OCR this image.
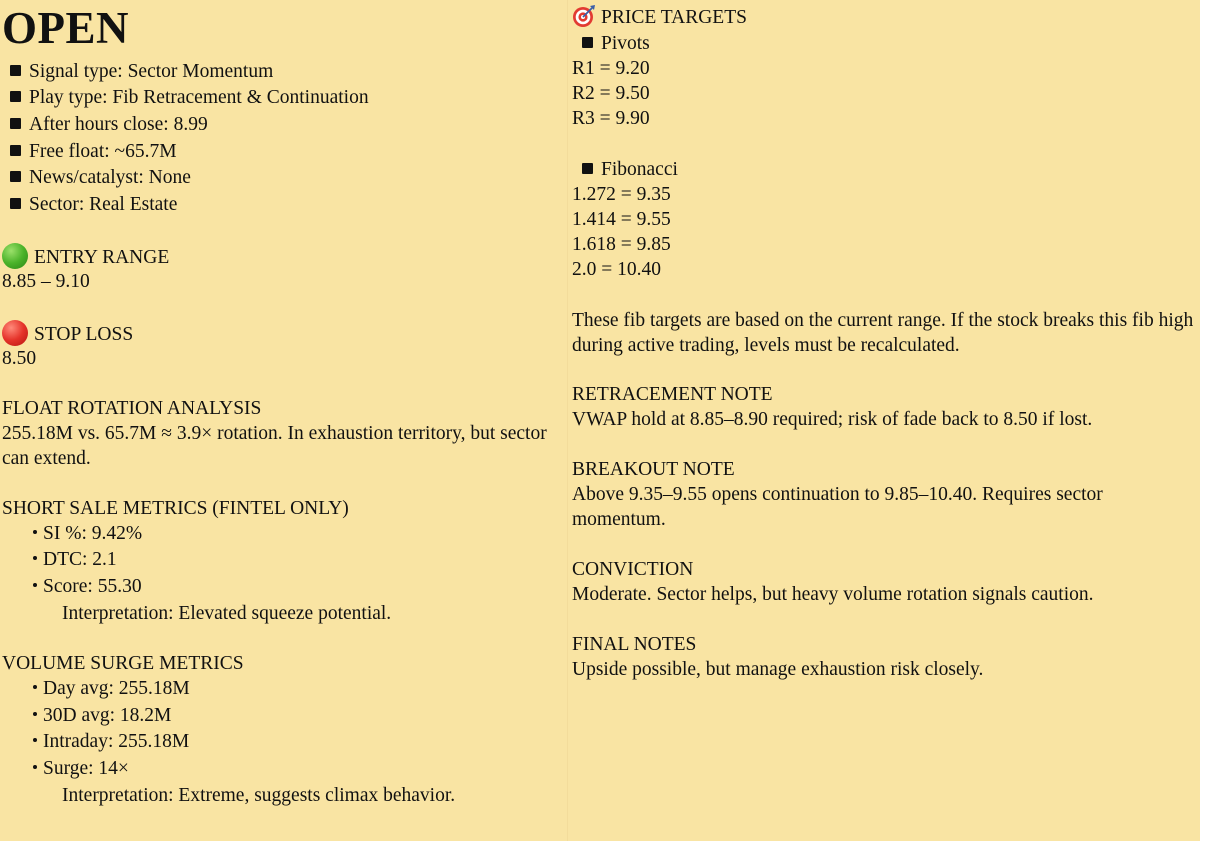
OPEN
Signal type: Sector Momentum
Play type: Fib Retracement & Continuation
After hours close: 8.99
Free float: ~65.7M
News/catalyst: None
Sector: Real Estate
ENTRY RANGE
8.85 – 9.10
STOP LOSS
8.50
FLOAT ROTATION ANALYSIS
255.18M vs. 65.7M ≈ 3.9× rotation. In exhaustion territory, but sector can extend.
SHORT SALE METRICS (FINTEL ONLY)
SI %: 9.42%
DTC: 2.1
Score: 55.30
Interpretation: Elevated squeeze potential.
VOLUME SURGE METRICS
Day avg: 255.18M
30D avg: 18.2M
Intraday: 255.18M
Surge: 14×
Interpretation: Extreme, suggests climax behavior.
PRICE TARGETS
Pivots
R1 = 9.20
R2 = 9.50
R3 = 9.90
Fibonacci
1.272 = 9.35
1.414 = 9.55
1.618 = 9.85
2.0 = 10.40
These fib targets are based on the current range. If the stock breaks this fib high during active trading, levels must be recalculated.
RETRACEMENT NOTE
VWAP hold at 8.85–8.90 required; risk of fade back to 8.50 if lost.
BREAKOUT NOTE
Above 9.35–9.55 opens continuation to 9.85–10.40. Requires sector momentum.
CONVICTION
Moderate. Sector helps, but heavy volume rotation signals caution.
FINAL NOTES
Upside possible, but manage exhaustion risk closely.
